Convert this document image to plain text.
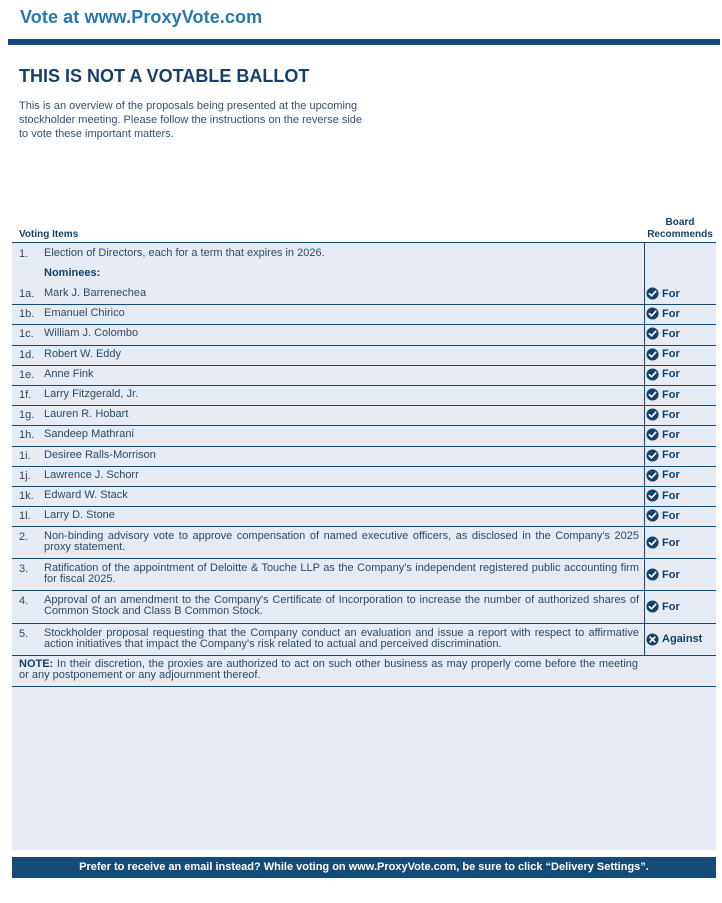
Vote at www.ProxyVote.com
THIS IS NOT A VOTABLE BALLOT
This is an overview of the proposals being presented at the upcoming stockholder meeting. Please follow the instructions on the reverse side to vote these important matters.
Voting Items
Board
Recommends
1. Election of Directors, each for a term that expires in 2026.
Nominees:
1a. Mark J. Barrenechea	For
1b. Emanuel Chirico	For
1c. William J. Colombo	For
1d. Robert W. Eddy	For
1e. Anne Fink	For
1f. Larry Fitzgerald, Jr.	For
1g. Lauren R. Hobart	For
1h. Sandeep Mathrani	For
1i. Desiree Ralls-Morrison	For
1j. Lawrence J. Schorr	For
1k. Edward W. Stack	For
1l. Larry D. Stone	For
2. Non-binding advisory vote to approve compensation of named executive officers, as disclosed in the Company's 2025 proxy statement.	For
3. Ratification of the appointment of Deloitte & Touche LLP as the Company's independent registered public accounting firm for fiscal 2025.	For
4. Approval of an amendment to the Company's Certificate of Incorporation to increase the number of authorized shares of Common Stock and Class B Common Stock.	For
5. Stockholder proposal requesting that the Company conduct an evaluation and issue a report with respect to affirmative action initiatives that impact the Company's risk related to actual and perceived discrimination.	Against
NOTE: In their discretion, the proxies are authorized to act on such other business as may properly come before the meeting or any postponement or any adjournment thereof.
Prefer to receive an email instead? While voting on www.ProxyVote.com, be sure to click “Delivery Settings”.
